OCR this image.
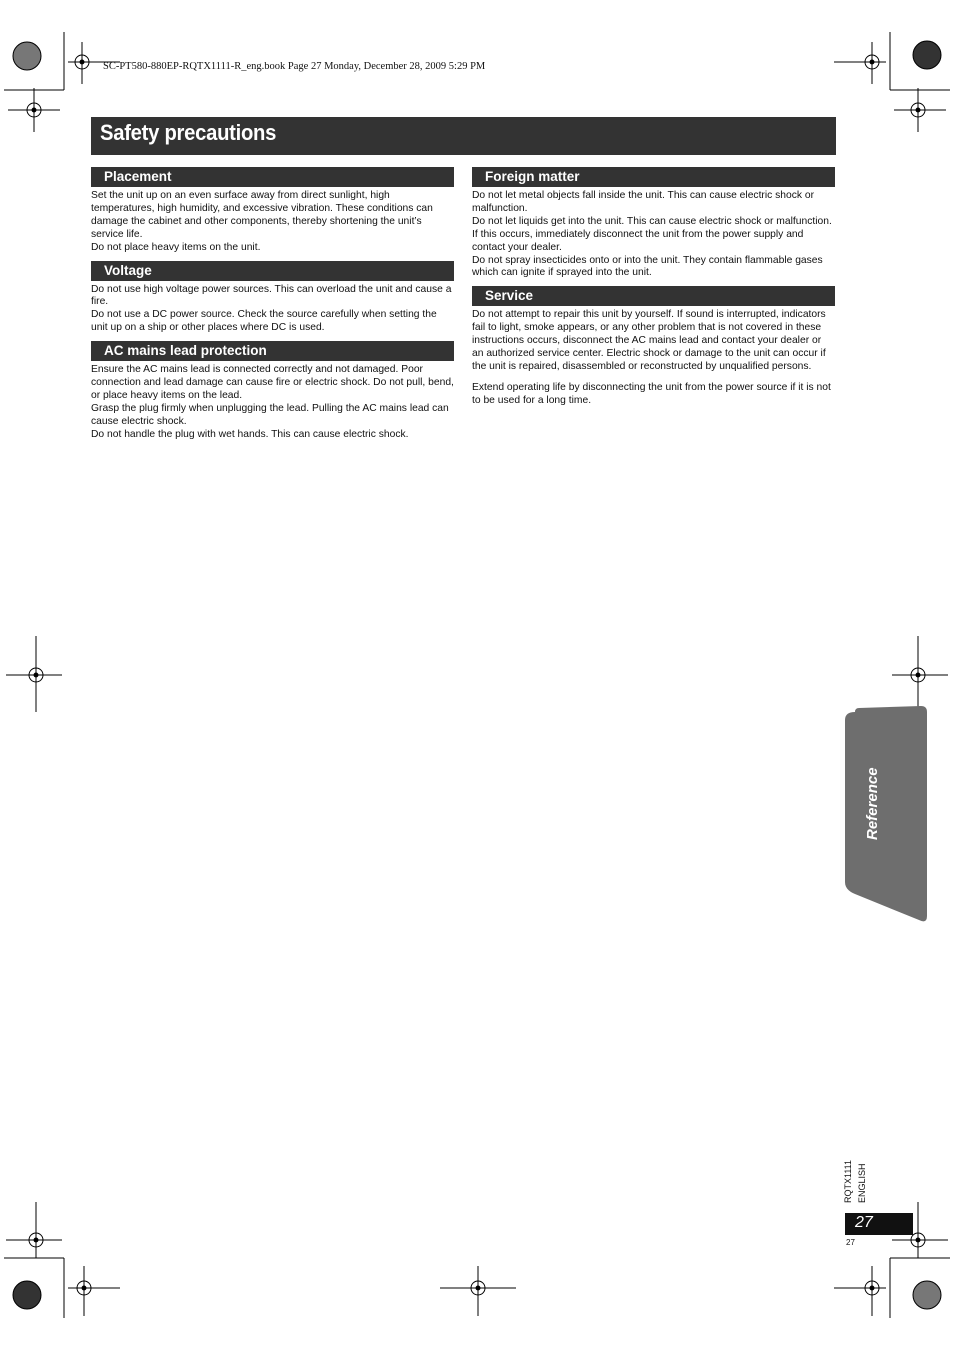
SC-PT580-880EP-RQTX1111-R_eng.book Page 27 Monday, December 28, 2009 5:29 PM
Safety precautions
Placement

Set the unit up on an even surface away from direct sunlight, high temperatures, high humidity, and excessive vibration. These conditions can damage the cabinet and other components, thereby shortening the unit’s service life.

Do not place heavy items on the unit.

Voltage

Do not use high voltage power sources. This can overload the unit and cause a fire.

Do not use a DC power source. Check the source carefully when setting the unit up on a ship or other places where DC is used.

AC mains lead protection

Ensure the AC mains lead is connected correctly and not damaged. Poor connection and lead damage can cause fire or electric shock. Do not pull, bend, or place heavy items on the lead.

Grasp the plug firmly when unplugging the lead. Pulling the AC mains lead can cause electric shock.

Do not handle the plug with wet hands. This can cause electric shock.

Foreign matter

Do not let metal objects fall inside the unit. This can cause electric shock or malfunction.

Do not let liquids get into the unit. This can cause electric shock or malfunction. If this occurs, immediately disconnect the unit from the power supply and contact your dealer.

Do not spray insecticides onto or into the unit. They contain flammable gases which can ignite if sprayed into the unit.

Service

Do not attempt to repair this unit by yourself. If sound is interrupted, indicators fail to light, smoke appears, or any other problem that is not covered in these instructions occurs, disconnect the AC mains lead and contact your dealer or an authorized service center. Electric shock or damage to the unit can occur if the unit is repaired, disassembled or reconstructed by unqualified persons.

Extend operating life by disconnecting the unit from the power source if it is not to be used for a long time.

Reference
RQTX1111 ENGLISH
27
27
